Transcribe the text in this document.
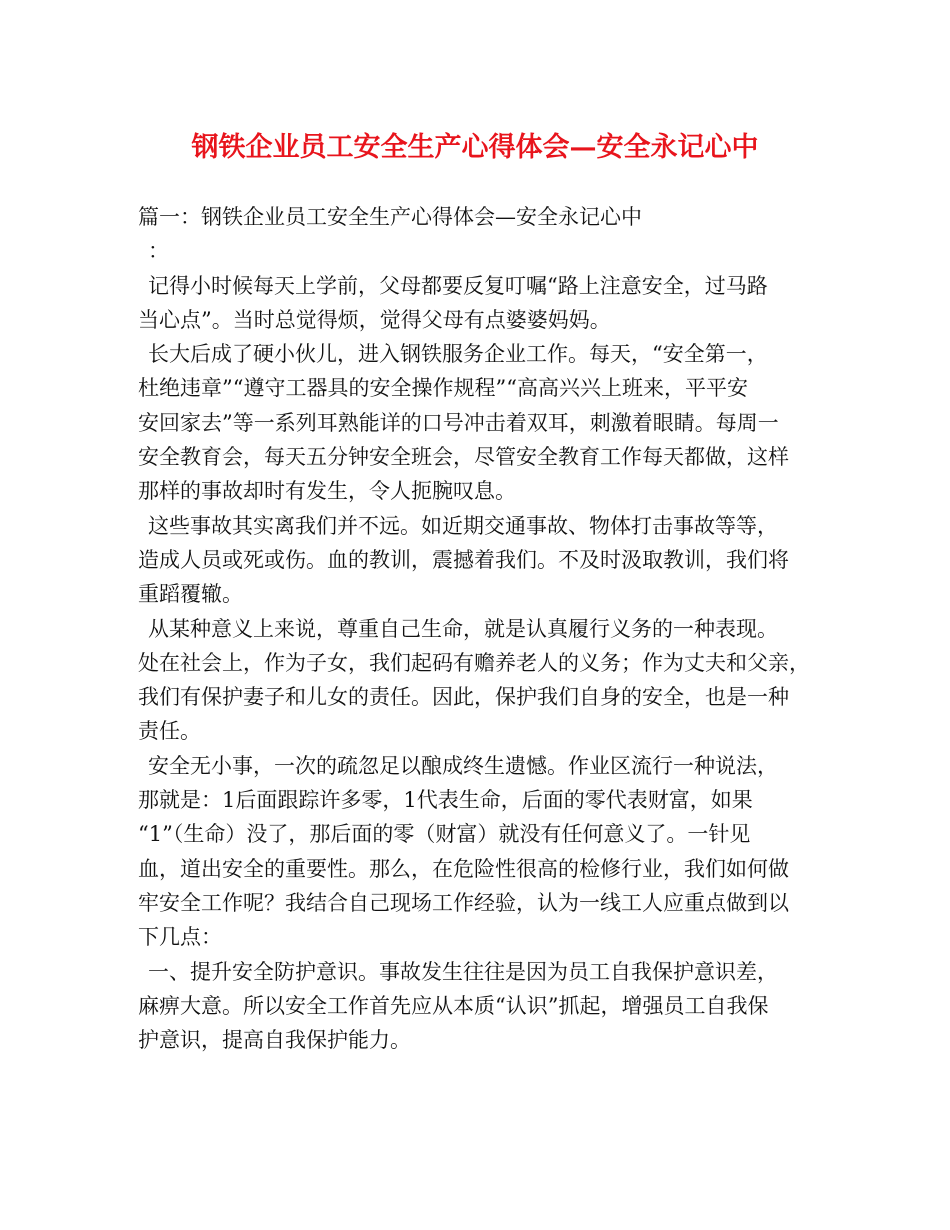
钢铁企业员工安全生产心得体会—安全永记心中
篇一：钢铁企业员工安全生产心得体会—安全永记心中
：
记得小时候每天上学前，父母都要反复叮嘱“路上注意安全，过马路
当心点”。当时总觉得烦，觉得父母有点婆婆妈妈。
长大后成了硬小伙儿，进入钢铁服务企业工作。每天，“安全第一，
杜绝违章”“遵守工器具的安全操作规程”“高高兴兴上班来，平平安
安回家去”等一系列耳熟能详的口号冲击着双耳，刺激着眼睛。每周一
安全教育会，每天五分钟安全班会，尽管安全教育工作每天都做，这样
那样的事故却时有发生，令人扼腕叹息。
这些事故其实离我们并不远。如近期交通事故、物体打击事故等等，
造成人员或死或伤。血的教训，震撼着我们。不及时汲取教训，我们将
重蹈覆辙。
从某种意义上来说，尊重自己生命，就是认真履行义务的一种表现。
处在社会上，作为子女，我们起码有赡养老人的义务；作为丈夫和父亲，
我们有保护妻子和儿女的责任。因此，保护我们自身的安全，也是一种
责任。
安全无小事，一次的疏忽足以酿成终生遗憾。作业区流行一种说法，
那就是：1后面跟踪许多零，1代表生命，后面的零代表财富，如果
“1”（生命）没了，那后面的零（财富）就没有任何意义了。一针见
血，道出安全的重要性。那么，在危险性很高的检修行业，我们如何做
牢安全工作呢？我结合自己现场工作经验，认为一线工人应重点做到以
下几点：
一、提升安全防护意识。事故发生往往是因为员工自我保护意识差，
麻痹大意。所以安全工作首先应从本质“认识”抓起，增强员工自我保
护意识，提高自我保护能力。
